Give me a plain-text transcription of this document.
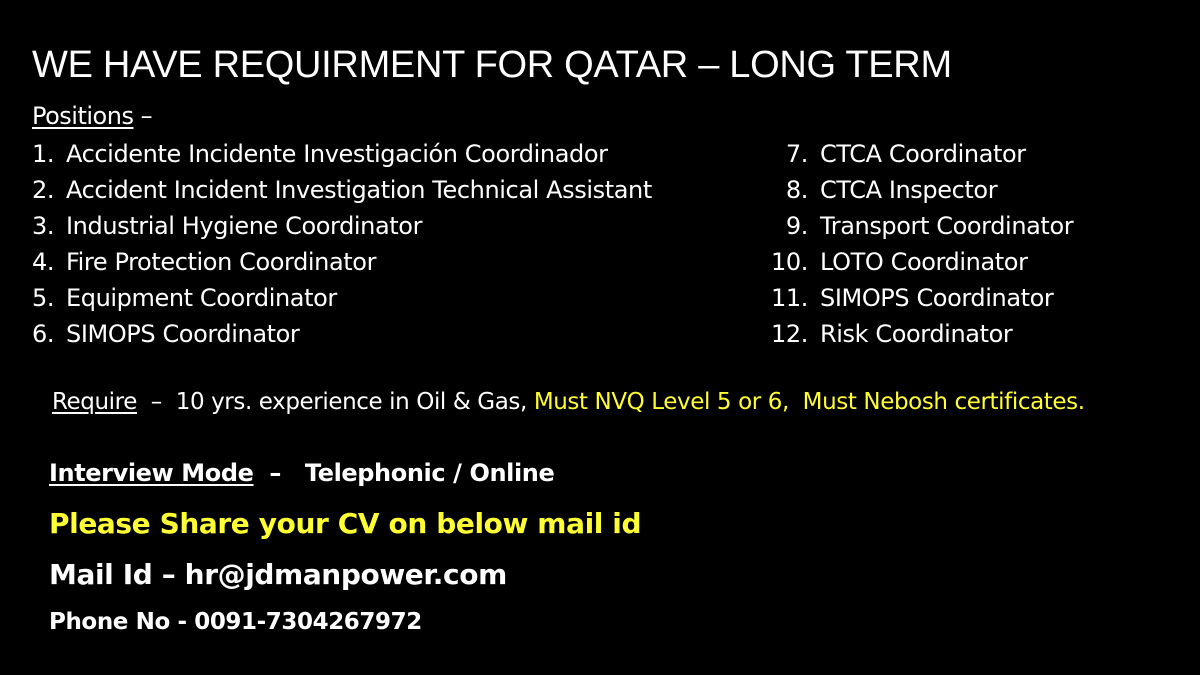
WE HAVE REQUIRMENT FOR QATAR – LONG TERM
Positions –
1. Accidente Incidente Investigación Coordinador
2. Accident Incident Investigation Technical Assistant
3. Industrial Hygiene Coordinator
4. Fire Protection Coordinator
5. Equipment Coordinator
6. SIMOPS Coordinator
7. CTCA Coordinator
8. CTCA Inspector
9. Transport Coordinator
10. LOTO Coordinator
11. SIMOPS Coordinator
12. Risk Coordinator
Require  –  10 yrs. experience in Oil & Gas, Must NVQ Level 5 or 6,  Must Nebosh certificates.
Interview Mode  –   Telephonic / Online
Please Share your CV on below mail id
Mail Id – hr@jdmanpower.com
Phone No - 0091-7304267972
